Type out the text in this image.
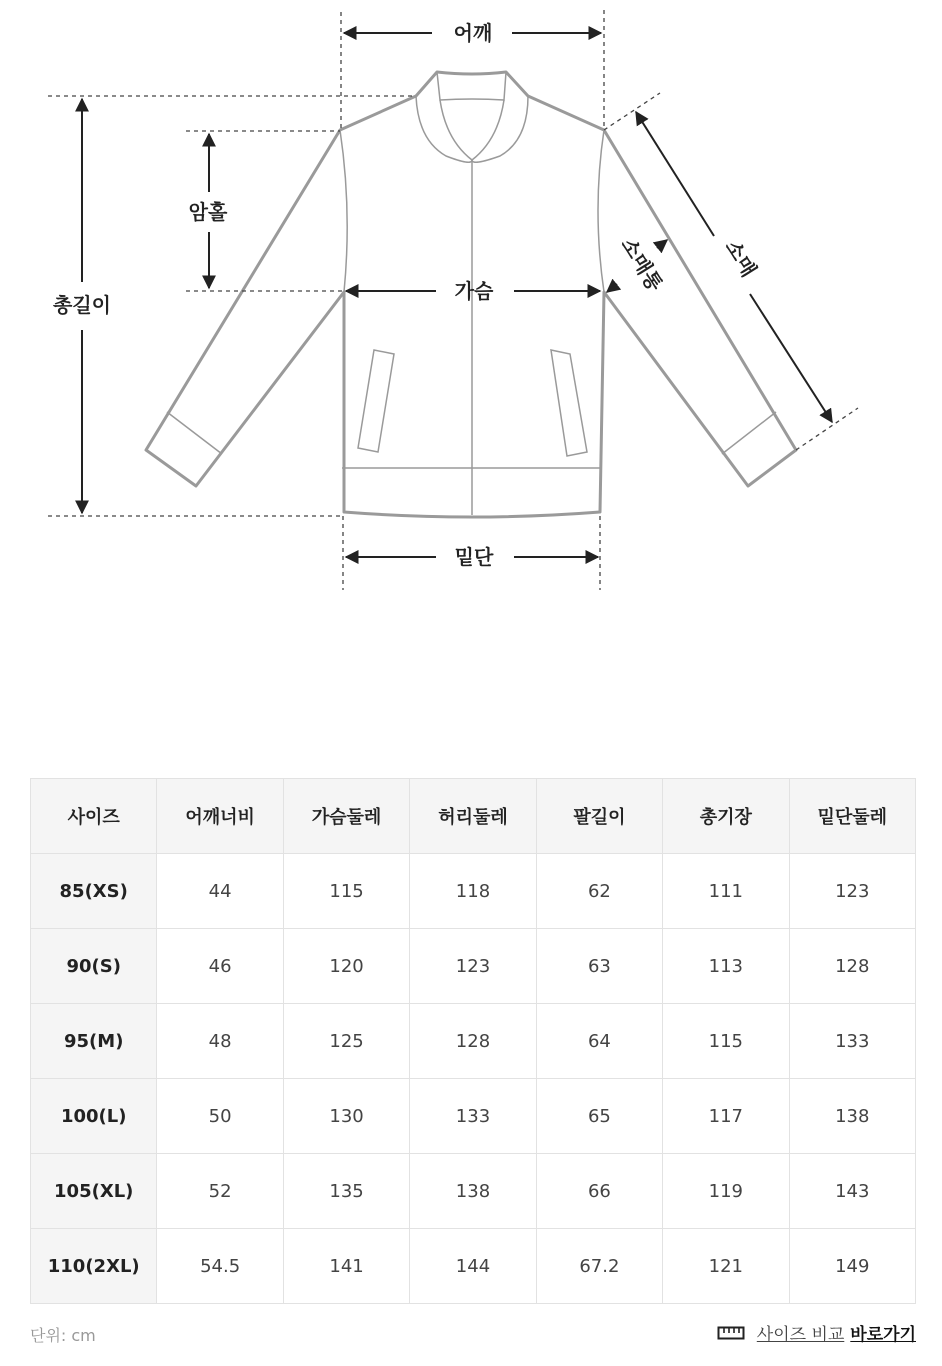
어깨
암홀
총길이
가슴
밑단
소매
소매통
사이즈	어깨너비	가슴둘레	허리둘레	팔길이	총기장	밑단둘레
85(XS)	44	115	118	62	111	123
90(S)	46	120	123	63	113	128
95(M)	48	125	128	64	115	133
100(L)	50	130	133	65	117	138
105(XL)	52	135	138	66	119	143
110(2XL)	54.5	141	144	67.2	121	149
단위: cm	사이즈 비교 바로가기
